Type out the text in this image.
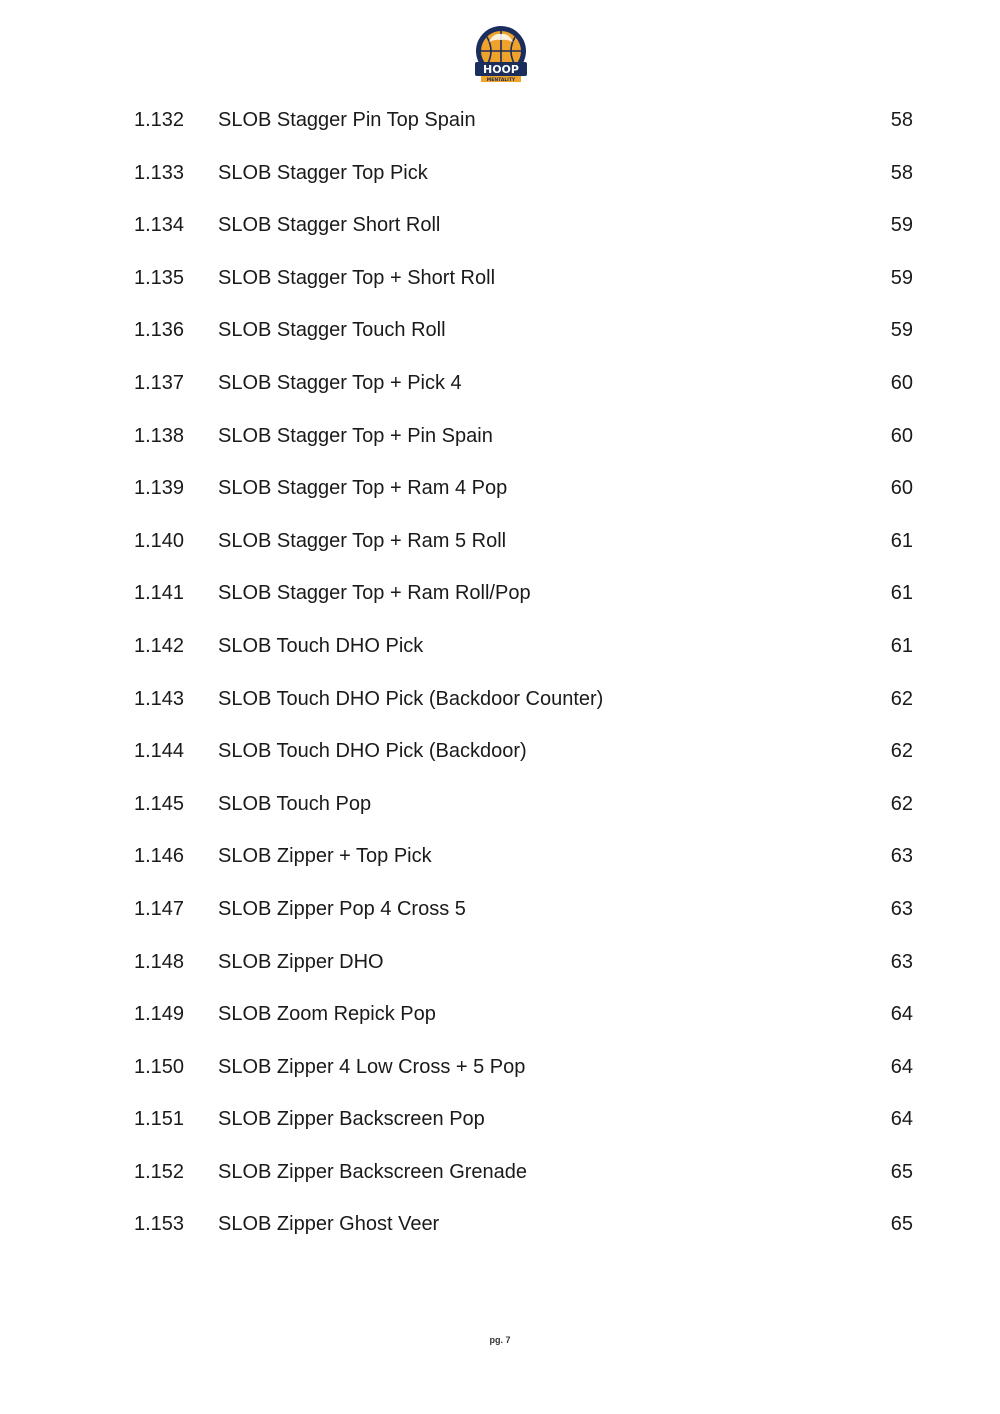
HOOP
MENTALITY
1.132 SLOB Stagger Pin Top Spain	58
1.133 SLOB Stagger Top Pick	58
1.134 SLOB Stagger Short Roll	59
1.135 SLOB Stagger Top + Short Roll	59
1.136 SLOB Stagger Touch Roll	59
1.137 SLOB Stagger Top + Pick 4	60
1.138 SLOB Stagger Top + Pin Spain	60
1.139 SLOB Stagger Top + Ram 4 Pop	60
1.140 SLOB Stagger Top + Ram 5 Roll	61
1.141 SLOB Stagger Top + Ram Roll/Pop	61
1.142 SLOB Touch DHO Pick	61
1.143 SLOB Touch DHO Pick (Backdoor Counter)	62
1.144 SLOB Touch DHO Pick (Backdoor)	62
1.145 SLOB Touch Pop	62
1.146 SLOB Zipper + Top Pick	63
1.147 SLOB Zipper Pop 4 Cross 5	63
1.148 SLOB Zipper DHO	63
1.149 SLOB Zoom Repick Pop	64
1.150 SLOB Zipper 4 Low Cross + 5 Pop	64
1.151 SLOB Zipper Backscreen Pop	64
1.152 SLOB Zipper Backscreen Grenade	65
1.153 SLOB Zipper Ghost Veer	65
pg. 7
